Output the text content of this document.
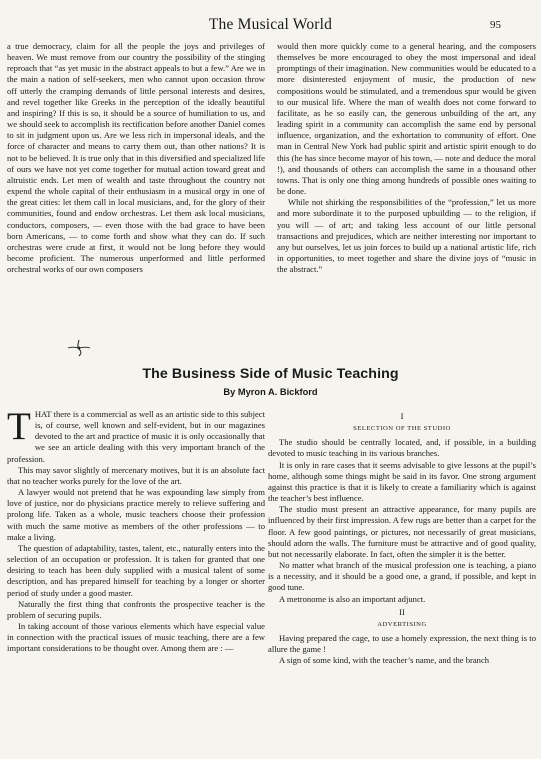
The Musical World	95

a true democracy, claim for all the people the joys and privileges of heaven. We must remove from our country the possibility of the stinging reproach that “as yet music in the abstract appeals to but a few.” Are we in the main a nation of self-seekers, men who cannot upon occasion throw off utterly the cramping demands of little personal interests and desires, and revel together like Greeks in the perception of the ideally beautiful and inspiring? If this is so, it should be a source of humiliation to us, and we should seek to accomplish its rectification before another Daniel comes to sit in judgment upon us. Are we less rich in impersonal ideals, and the force of character and means to carry them out, than other nations? It is not to be believed. It is true only that in this diversified and specialized life of ours we have not yet come together for mutual action toward great and altruistic ends. Let men of wealth and taste throughout the country not expend the whole capital of their enthusiasm in a musical orgy in one of the great cities: let them call in local musicians, and, for the glory of their communities, found and endow orchestras. Let them ask local musicians, conductors, composers, — even those with the bad grace to have been born Americans, — to come forth and show what they can do. If such orchestras were crude at first, it would not be long before they would become proficient. The numerous unperformed and little performed orchestral works of our own composers

would then more quickly come to a general hearing, and the composers themselves be more encouraged to obey the most impersonal and ideal promptings of their imagination. New communities would be educated to a more disinterested enjoyment of music, the production of new compositions would be stimulated, and a tremendous spur would be given to our musical life. Where the man of wealth does not come forward to facilitate, as he so easily can, the generous unbuilding of the art, any leading spirit in a community can accomplish the same end by personal influence, organization, and the exhortation to community of effort. One man in Central New York had public spirit and artistic spirit enough to do this (he has since become mayor of his town, — note and deduce the moral !), and thousands of others can accomplish the same in a thousand other towns. That is only one thing among hundreds of possible ones waiting to be done.

While not shirking the responsibilities of the “profession,” let us more and more subordinate it to the purposed upbuilding — to the religion, if you will — of art; and taking less account of our little personal transactions and prejudices, which are neither interesting nor important to any but ourselves, let us join forces to build up a national artistic life, rich in opportunities, to meet together and share the divine joys of “music in the abstract.”

The Business Side of Music Teaching
By Myron A. Bickford

THAT there is a commercial as well as an artistic side to this subject is, of course, well known and self-evident, but in our magazines devoted to the art and practice of music it is only occasionally that we see an article dealing with this very important branch of the profession.

This may savor slightly of mercenary motives, but it is an absolute fact that no teacher works purely for the love of the art.

A lawyer would not pretend that he was expounding law simply from love of justice, nor do physicians practice merely to relieve suffering and prolong life. Taken as a whole, music teachers choose their profession with much the same motive as members of the other professions — to make a living.

The question of adaptability, tastes, talent, etc., naturally enters into the selection of an occupation or profession. It is taken for granted that one desiring to teach has been duly supplied with a musical talent of some description, and has prepared himself for teaching by a longer or shorter period of study under a good master.

Naturally the first thing that confronts the prospective teacher is the problem of securing pupils.

In taking account of those various elements which have especial value in connection with the practical issues of music teaching, there are a few important considerations to be thought over. Among them are : —

I
SELECTION OF THE STUDIO

The studio should be centrally located, and, if possible, in a building devoted to music teaching in its various branches.

It is only in rare cases that it seems advisable to give lessons at the pupil’s home, although some things might be said in its favor. One strong argument against this practice is that it is likely to create a familiarity which is against the teacher’s best influence.

The studio must present an attractive appearance, for many pupils are influenced by their first impression. A few rugs are better than a carpet for the floor. A few good paintings, or pictures, not necessarily of great musicians, should adorn the walls. The furniture must be attractive and of good quality, but not necessarily elaborate. In fact, often the simpler it is the better.

No matter what branch of the musical profession one is teaching, a piano is a necessity, and it should be a good one, a grand, if possible, and kept in good tune.

A metronome is also an important adjunct.

II
ADVERTISING

Having prepared the cage, to use a homely expression, the next thing is to allure the game !

A sign of some kind, with the teacher’s name, and the branch
